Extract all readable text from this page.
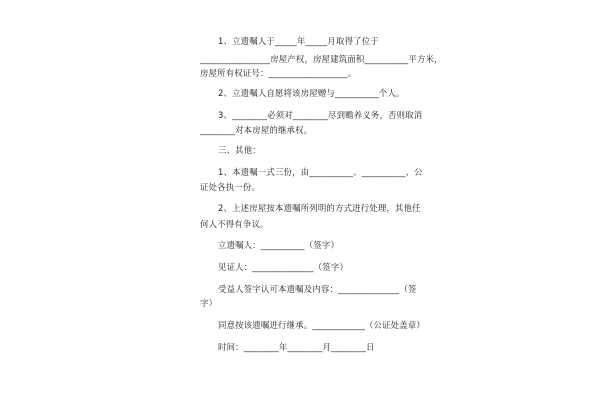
1、立遗嘱人于_____年_____月取得了位于
________________房屋产权，房屋建筑面积__________平方米，
房屋所有权证号：__________________。
2、立遗嘱人自愿将该房屋赠与__________个人。
3、________必须对________尽到赡养义务，否则取消
________对本房屋的继承权。
三、其他：
1、本遗嘱一式三份，由__________、__________、公
证处各执一份。
2、上述房屋按本遗嘱所列明的方式进行处理，其他任
何人不得有争议。
立遗嘱人：__________（签字）
见证人：______________（签字）
受益人签字认可本遗嘱及内容：______________（签
字）
同意按该遗嘱进行继承。____________（公证处盖章）
时间：________年________月________日
